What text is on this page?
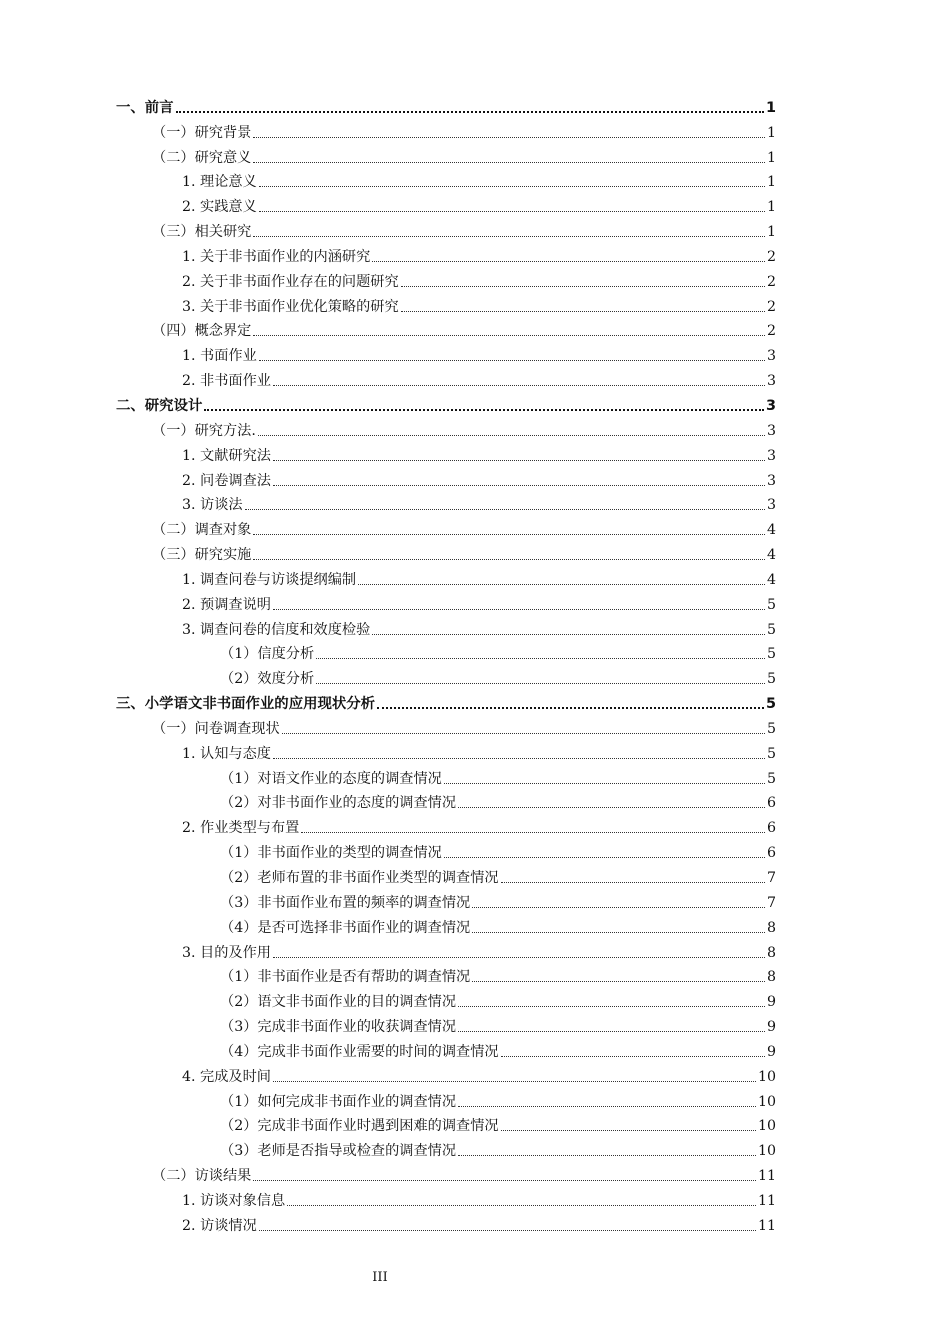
一、前言	1
（一）研究背景	1
（二）研究意义	1
1. 理论意义	1
2. 实践意义	1
（三）相关研究	1
1. 关于非书面作业的内涵研究	2
2. 关于非书面作业存在的问题研究	2
3. 关于非书面作业优化策略的研究	2
（四）概念界定	2
1. 书面作业	3
2. 非书面作业	3
二、研究设计	3
（一）研究方法.	3
1. 文献研究法	3
2. 问卷调查法	3
3. 访谈法	3
（二）调查对象	4
（三）研究实施	4
1. 调查问卷与访谈提纲编制	4
2. 预调查说明	5
3. 调查问卷的信度和效度检验	5
（1）信度分析	5
（2）效度分析	5
三、小学语文非书面作业的应用现状分析	5
（一）问卷调查现状	5
1. 认知与态度	5
（1）对语文作业的态度的调查情况	5
（2）对非书面作业的态度的调查情况	6
2. 作业类型与布置	6
（1）非书面作业的类型的调查情况	6
（2）老师布置的非书面作业类型的调查情况	7
（3）非书面作业布置的频率的调查情况	7
（4）是否可选择非书面作业的调查情况	8
3. 目的及作用	8
（1）非书面作业是否有帮助的调查情况	8
（2）语文非书面作业的目的调查情况	9
（3）完成非书面作业的收获调查情况	9
（4）完成非书面作业需要的时间的调查情况	9
4. 完成及时间	10
（1）如何完成非书面作业的调查情况	10
（2）完成非书面作业时遇到困难的调查情况	10
（3）老师是否指导或检查的调查情况	10
（二）访谈结果	11
1. 访谈对象信息	11
2. 访谈情况	11
III
